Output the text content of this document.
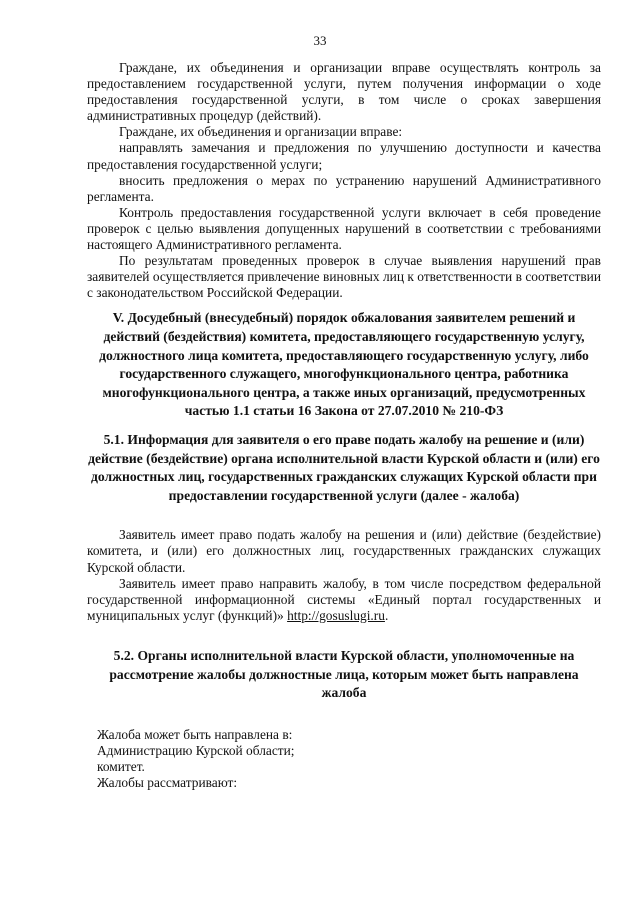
33

Граждане, их объединения и организации вправе осуществлять контроль за предоставлением государственной услуги, путем получения информации о ходе предоставления государственной услуги, в том числе о сроках завершения административных процедур (действий).

Граждане, их объединения и организации вправе:

направлять замечания и предложения по улучшению доступности и качества предоставления государственной услуги;

вносить предложения о мерах по устранению нарушений Административного регламента.

Контроль предоставления государственной услуги включает в себя проведение проверок с целью выявления допущенных нарушений в соответствии с требованиями настоящего Административного регламента.

По результатам проведенных проверок в случае выявления нарушений прав заявителей осуществляется привлечение виновных лиц к ответственности в соответствии с законодательством Российской Федерации.

V. Досудебный (внесудебный) порядок обжалования заявителем решений и действий (бездействия) комитета, предоставляющего государственную услугу, должностного лица комитета, предоставляющего государственную услугу, либо государственного служащего, многофункционального центра, работника многофункционального центра, а также иных организаций, предусмотренных частью 1.1 статьи 16 Закона от 27.07.2010 № 210-ФЗ

5.1. Информация для заявителя о его праве подать жалобу на решение и (или) действие (бездействие) органа исполнительной власти Курской области и (или) его должностных лиц, государственных гражданских служащих Курской области при предоставлении государственной услуги (далее - жалоба)

Заявитель имеет право подать жалобу на решения и (или) действие (бездействие) комитета, и (или) его должностных лиц, государственных гражданских служащих Курской области.

Заявитель имеет право направить жалобу, в том числе посредством федеральной государственной информационной системы «Единый портал государственных и муниципальных услуг (функций)» http://gosuslugi.ru.

5.2. Органы исполнительной власти Курской области, уполномоченные на рассмотрение жалобы должностные лица, которым может быть направлена жалоба

Жалоба может быть направлена в:

Администрацию Курской области;

комитет.

Жалобы рассматривают:
